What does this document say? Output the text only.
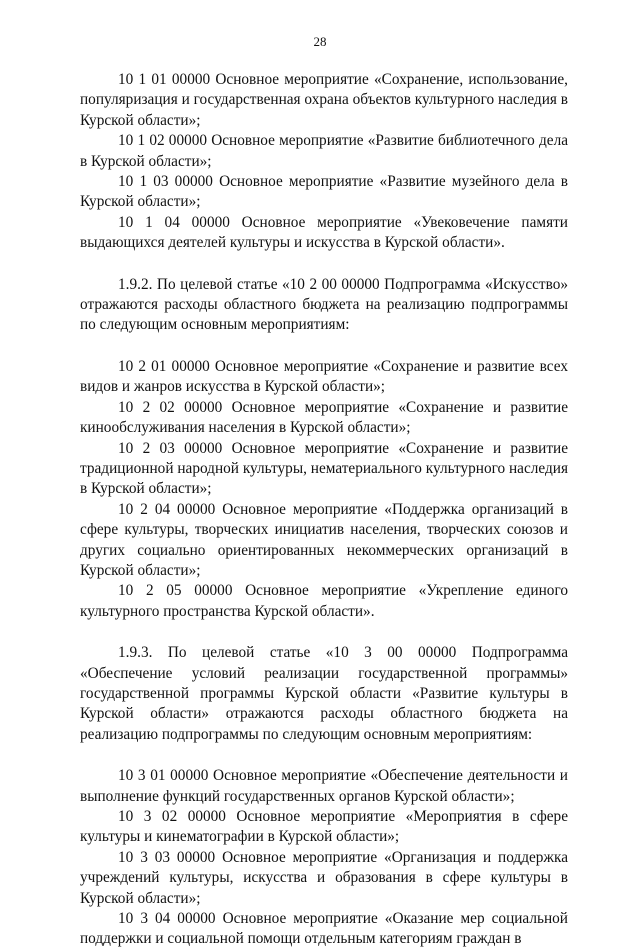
28

10 1 01 00000 Основное мероприятие «Сохранение, использование, популяризация и государственная охрана объектов культурного наследия в Курской области»;

10 1 02 00000 Основное мероприятие «Развитие библиотечного дела в Курской области»;

10 1 03 00000 Основное мероприятие «Развитие музейного дела в Курской области»;

10 1 04 00000 Основное мероприятие «Увековечение памяти выдающихся деятелей культуры и искусства в Курской области».

1.9.2. По целевой статье «10 2 00 00000 Подпрограмма «Искусство» отражаются расходы областного бюджета на реализацию подпрограммы по следующим основным мероприятиям:

10 2 01 00000 Основное мероприятие «Сохранение и развитие всех видов и жанров искусства в Курской области»;

10 2 02 00000 Основное мероприятие «Сохранение и развитие кинообслуживания населения в Курской области»;

10 2 03 00000 Основное мероприятие «Сохранение и развитие традиционной народной культуры, нематериального культурного наследия в Курской области»;

10 2 04 00000 Основное мероприятие «Поддержка организаций в сфере культуры, творческих инициатив населения, творческих союзов и других социально ориентированных некоммерческих организаций в Курской области»;

10 2 05 00000 Основное мероприятие «Укрепление единого культурного пространства Курской области».

1.9.3. По целевой статье «10 3 00 00000 Подпрограмма «Обеспечение условий реализации государственной программы» государственной программы Курской области «Развитие культуры в Курской области» отражаются расходы областного бюджета на реализацию подпрограммы по следующим основным мероприятиям:

10 3 01 00000 Основное мероприятие «Обеспечение деятельности и выполнение функций государственных органов Курской области»;

10 3 02 00000 Основное мероприятие «Мероприятия в сфере культуры и кинематографии в Курской области»;

10 3 03 00000 Основное мероприятие «Организация и поддержка учреждений культуры, искусства и образования в сфере культуры в Курской области»;

10 3 04 00000 Основное мероприятие «Оказание мер социальной поддержки и социальной помощи отдельным категориям граждан в
